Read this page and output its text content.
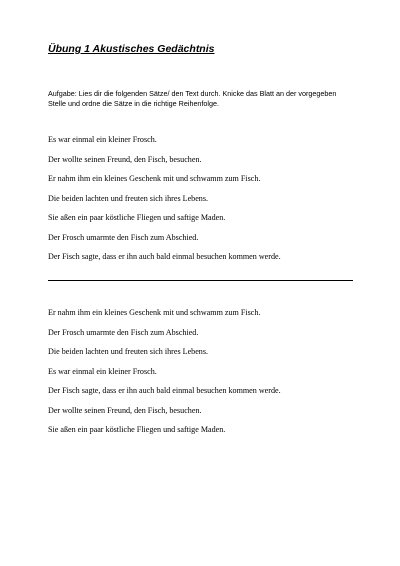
Übung 1 Akustisches Gedächtnis
Aufgabe: Lies dir die folgenden Sätze/ den Text durch. Knicke das Blatt an der vorgegeben Stelle und ordne die Sätze in die richtige Reihenfolge.
Es war einmal ein kleiner Frosch.
Der wollte seinen Freund, den Fisch, besuchen.
Er nahm ihm ein kleines Geschenk mit und schwamm zum Fisch.
Die beiden lachten und freuten sich ihres Lebens.
Sie aßen ein paar köstliche Fliegen und saftige Maden.
Der Frosch umarmte den Fisch zum Abschied.
Der Fisch sagte, dass er ihn auch bald einmal besuchen kommen werde.
Er nahm ihm ein kleines Geschenk mit und schwamm zum Fisch.
Der Frosch umarmte den Fisch zum Abschied.
Die beiden lachten und freuten sich ihres Lebens.
Es war einmal ein kleiner Frosch.
Der Fisch sagte, dass er ihn auch bald einmal besuchen kommen werde.
Der wollte seinen Freund, den Fisch, besuchen.
Sie aßen ein paar köstliche Fliegen und saftige Maden.
